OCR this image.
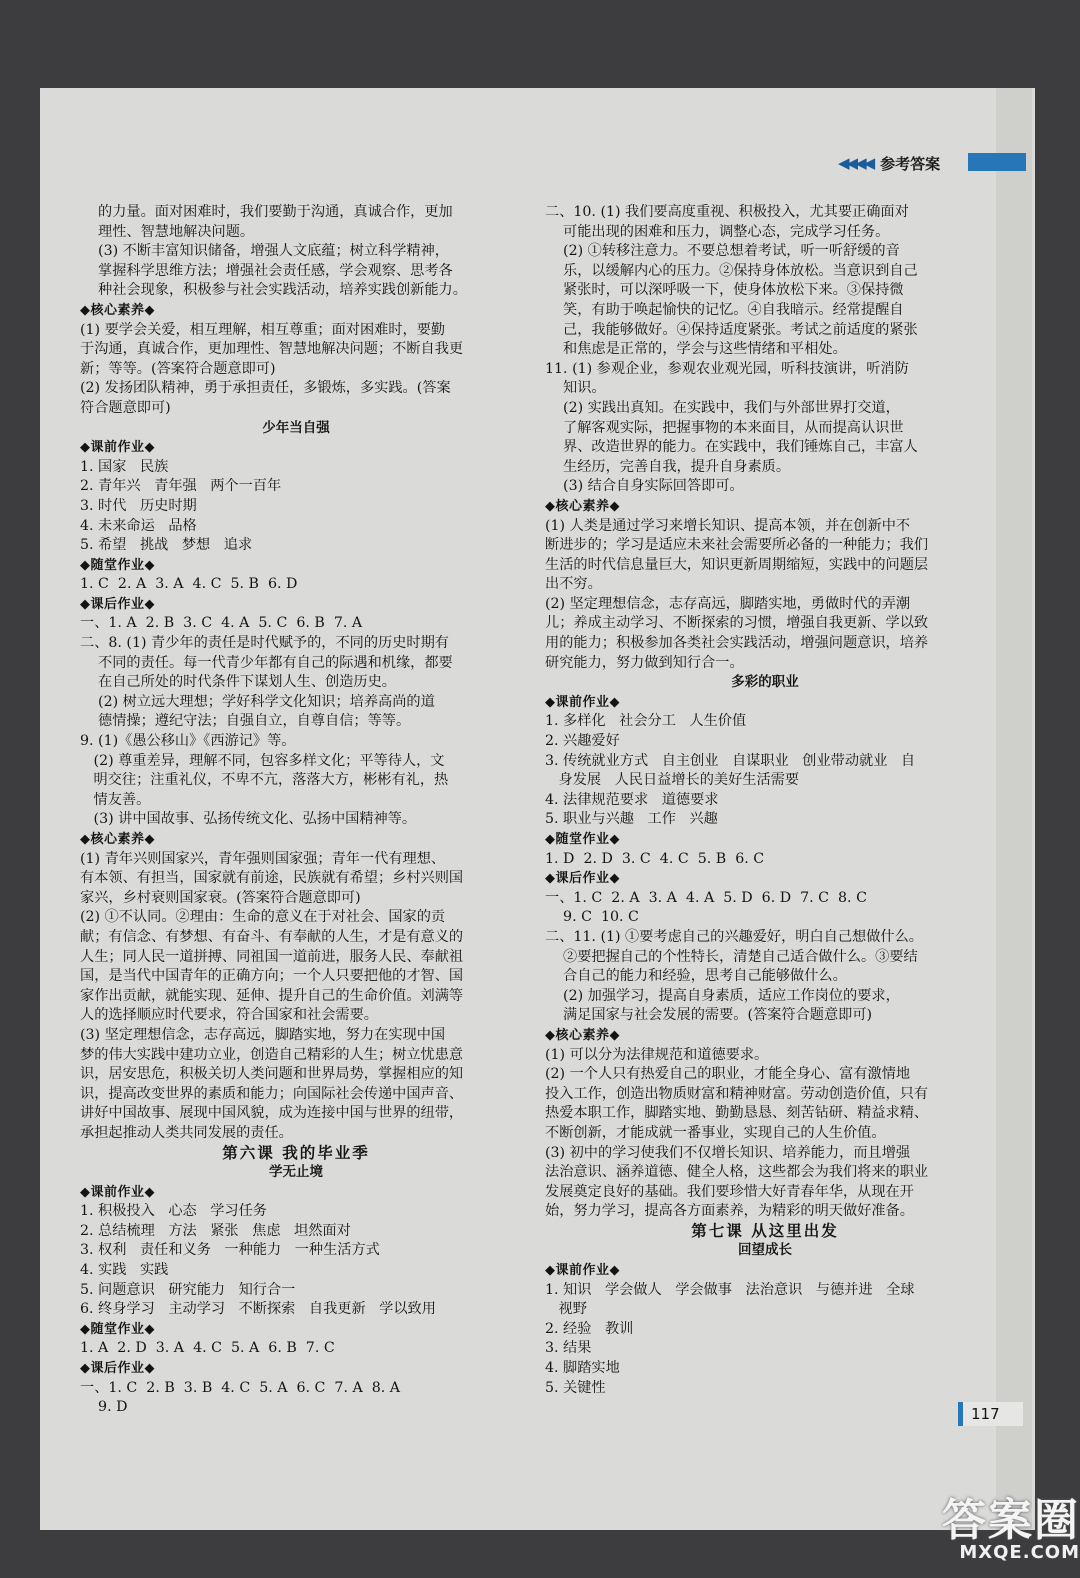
◀◀◀◀ 参考答案
的力量。面对困难时，我们要勤于沟通，真诚合作，更加
理性、智慧地解决问题。
(3) 不断丰富知识储备，增强人文底蕴；树立科学精神，
掌握科学思维方法；增强社会责任感，学会观察、思考各
种社会现象，积极参与社会实践活动，培养实践创新能力。
◆核心素养◆
(1) 要学会关爱，相互理解，相互尊重；面对困难时，要勤
于沟通，真诚合作，更加理性、智慧地解决问题；不断自我更
新；等等。(答案符合题意即可)
(2) 发扬团队精神，勇于承担责任，多锻炼，多实践。(答案
符合题意即可)
少年当自强
◆课前作业◆
1. 国家   民族
2. 青年兴   青年强   两个一百年
3. 时代   历史时期
4. 未来命运   品格
5. 希望   挑战   梦想   追求
◆随堂作业◆
1. C  2. A  3. A  4. C  5. B  6. D
◆课后作业◆
一、1. A  2. B  3. C  4. A  5. C  6. B  7. A
二、8. (1) 青少年的责任是时代赋予的，不同的历史时期有
不同的责任。每一代青少年都有自己的际遇和机缘，都要
在自己所处的时代条件下谋划人生、创造历史。
(2) 树立远大理想；学好科学文化知识；培养高尚的道
德情操；遵纪守法；自强自立，自尊自信；等等。
9. (1)《愚公移山》《西游记》等。
(2) 尊重差异，理解不同，包容多样文化；平等待人，文
明交往；注重礼仪，不卑不亢，落落大方，彬彬有礼，热
情友善。
(3) 讲中国故事、弘扬传统文化、弘扬中国精神等。
◆核心素养◆
(1) 青年兴则国家兴，青年强则国家强；青年一代有理想、
有本领、有担当，国家就有前途，民族就有希望；乡村兴则国
家兴，乡村衰则国家衰。(答案符合题意即可)
(2) ①不认同。②理由：生命的意义在于对社会、国家的贡
献；有信念、有梦想、有奋斗、有奉献的人生，才是有意义的
人生；同人民一道拼搏、同祖国一道前进，服务人民、奉献祖
国，是当代中国青年的正确方向；一个人只要把他的才智、国
家作出贡献，就能实现、延伸、提升自己的生命价值。刘满等
人的选择顺应时代要求，符合国家和社会需要。
(3) 坚定理想信念，志存高远，脚踏实地，努力在实现中国
梦的伟大实践中建功立业，创造自己精彩的人生；树立忧患意
识，居安思危，积极关切人类问题和世界局势，掌握相应的知
识，提高改变世界的素质和能力；向国际社会传递中国声音、
讲好中国故事、展现中国风貌，成为连接中国与世界的纽带，
承担起推动人类共同发展的责任。
第六课 我的毕业季
学无止境
◆课前作业◆
1. 积极投入   心态   学习任务
2. 总结梳理   方法   紧张   焦虑   坦然面对
3. 权利   责任和义务   一种能力   一种生活方式
4. 实践   实践
5. 问题意识   研究能力   知行合一
6. 终身学习   主动学习   不断探索   自我更新   学以致用
◆随堂作业◆
1. A  2. D  3. A  4. C  5. A  6. B  7. C
◆课后作业◆
一、1. C  2. B  3. B  4. C  5. A  6. C  7. A  8. A
9. D
二、10. (1) 我们要高度重视、积极投入，尤其要正确面对
可能出现的困难和压力，调整心态，完成学习任务。
(2) ①转移注意力。不要总想着考试，听一听舒缓的音
乐，以缓解内心的压力。②保持身体放松。当意识到自己
紧张时，可以深呼吸一下，使身体放松下来。③保持微
笑，有助于唤起愉快的记忆。④自我暗示。经常提醒自
己，我能够做好。④保持适度紧张。考试之前适度的紧张
和焦虑是正常的，学会与这些情绪和平相处。
11. (1) 参观企业，参观农业观光园，听科技演讲，听消防
知识。
(2) 实践出真知。在实践中，我们与外部世界打交道，
了解客观实际，把握事物的本来面目，从而提高认识世
界、改造世界的能力。在实践中，我们锤炼自己，丰富人
生经历，完善自我，提升自身素质。
(3) 结合自身实际回答即可。
◆核心素养◆
(1) 人类是通过学习来增长知识、提高本领，并在创新中不
断进步的；学习是适应未来社会需要所必备的一种能力；我们
生活的时代信息量巨大，知识更新周期缩短，实践中的问题层
出不穷。
(2) 坚定理想信念，志存高远，脚踏实地，勇做时代的弄潮
儿；养成主动学习、不断探索的习惯，增强自我更新、学以致
用的能力；积极参加各类社会实践活动，增强问题意识，培养
研究能力，努力做到知行合一。
多彩的职业
◆课前作业◆
1. 多样化   社会分工   人生价值
2. 兴趣爱好
3. 传统就业方式   自主创业   自谋职业   创业带动就业   自
身发展   人民日益增长的美好生活需要
4. 法律规范要求   道德要求
5. 职业与兴趣   工作   兴趣
◆随堂作业◆
1. D  2. D  3. C  4. C  5. B  6. C
◆课后作业◆
一、1. C  2. A  3. A  4. A  5. D  6. D  7. C  8. C
9. C  10. C
二、11. (1) ①要考虑自己的兴趣爱好，明白自己想做什么。
②要把握自己的个性特长，清楚自己适合做什么。③要结
合自己的能力和经验，思考自己能够做什么。
(2) 加强学习，提高自身素质，适应工作岗位的要求，
满足国家与社会发展的需要。(答案符合题意即可)
◆核心素养◆
(1) 可以分为法律规范和道德要求。
(2) 一个人只有热爱自己的职业，才能全身心、富有激情地
投入工作，创造出物质财富和精神财富。劳动创造价值，只有
热爱本职工作，脚踏实地、勤勤恳恳、刻苦钻研、精益求精、
不断创新，才能成就一番事业，实现自己的人生价值。
(3) 初中的学习使我们不仅增长知识、培养能力，而且增强
法治意识、涵养道德、健全人格，这些都会为我们将来的职业
发展奠定良好的基础。我们要珍惜大好青春年华，从现在开
始，努力学习，提高各方面素养，为精彩的明天做好准备。
第七课 从这里出发
回望成长
◆课前作业◆
1. 知识   学会做人   学会做事   法治意识   与德并进   全球
视野
2. 经验   教训
3. 结果
4. 脚踏实地
5. 关键性
117
答案圈
MXQE.COM
